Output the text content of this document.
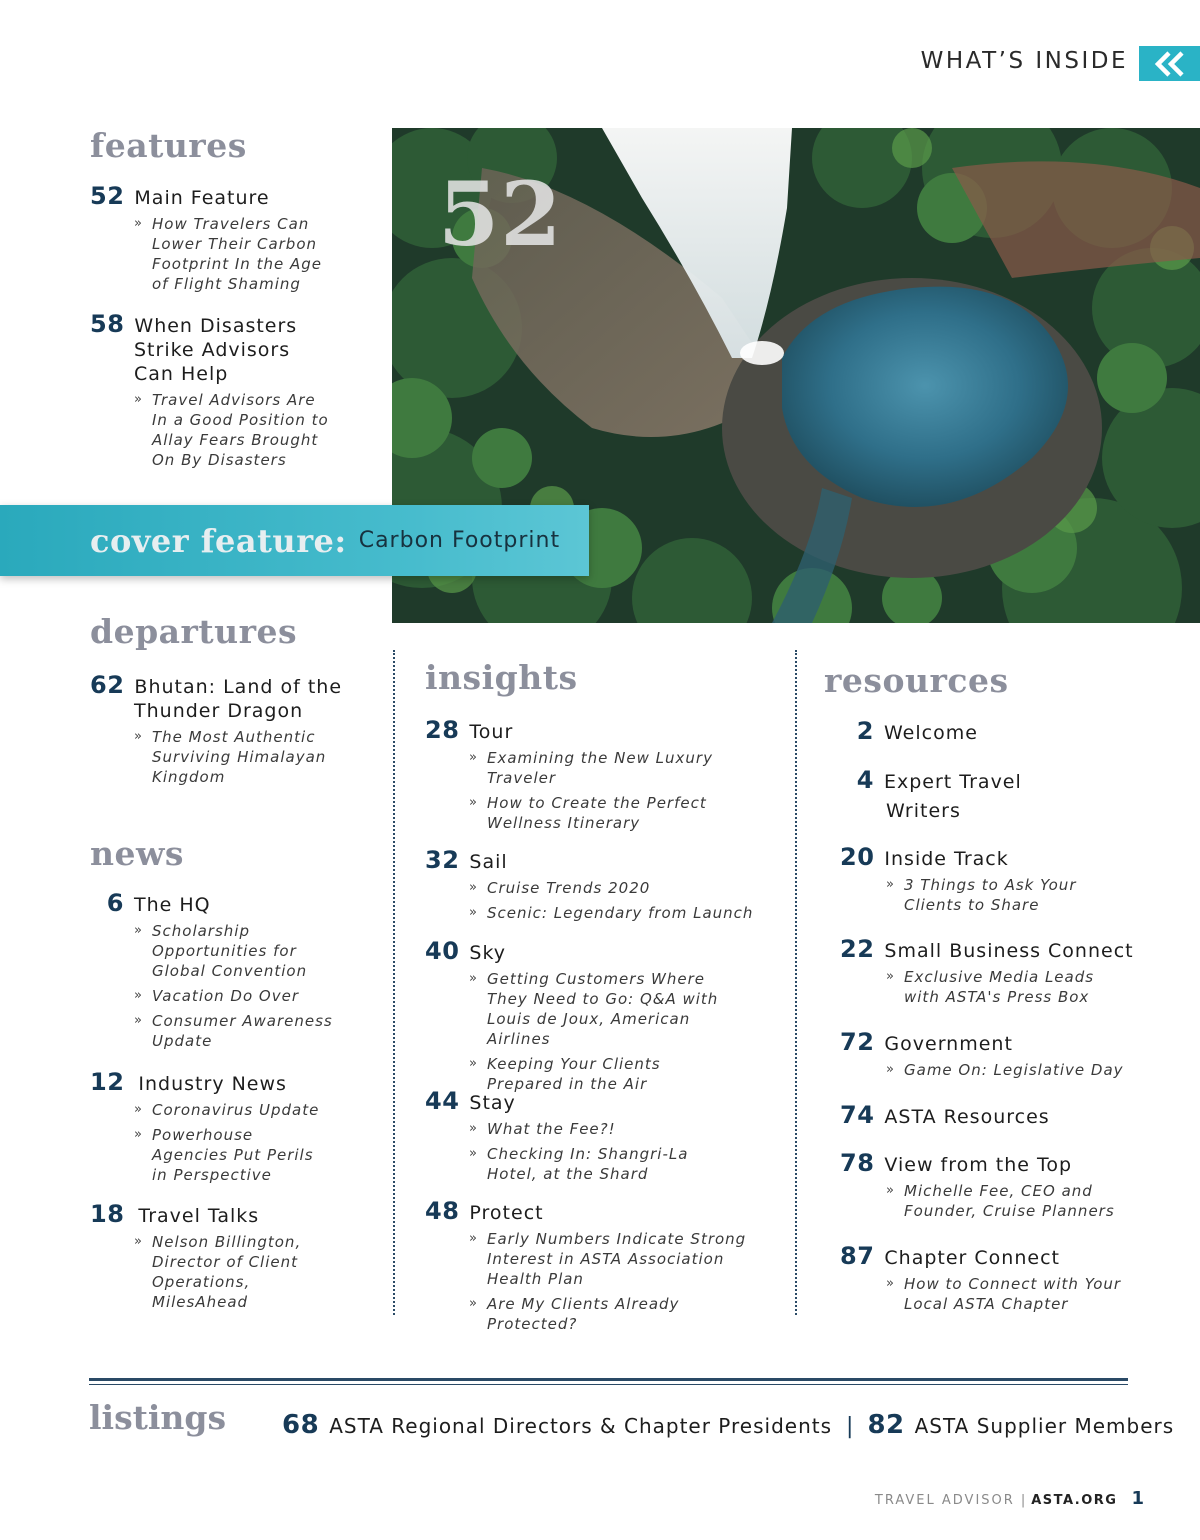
WHAT’S INSIDE
52
features
52 Main Feature
» How Travelers Can Lower Their Carbon Footprint In the Age of Flight Shaming
58 When Disasters
Strike Advisors
Can Help
» Travel Advisors Are In a Good Position to Allay Fears Brought On By Disasters
cover feature: Carbon Footprint
departures
62 Bhutan: Land of the
Thunder Dragon
» The Most Authentic Surviving Himalayan Kingdom
news
6 The HQ
» Scholarship Opportunities for Global Convention
» Vacation Do Over
» Consumer Awareness Update
12 Industry News
» Coronavirus Update
» Powerhouse Agencies Put Perils in Perspective
18 Travel Talks
» Nelson Billington, Director of Client Operations, MilesAhead
insights
28 Tour
» Examining the New Luxury Traveler
» How to Create the Perfect Wellness Itinerary
32 Sail
» Cruise Trends 2020
» Scenic: Legendary from Launch
40 Sky
» Getting Customers Where They Need to Go: Q&A with Louis de Joux, American Airlines
» Keeping Your Clients Prepared in the Air
44 Stay
» What the Fee?!
» Checking In: Shangri-La Hotel, at the Shard
48 Protect
» Early Numbers Indicate Strong Interest in ASTA Association Health Plan
» Are My Clients Already Protected?
resources
2 Welcome
4 Expert Travel
Writers
20 Inside Track
» 3 Things to Ask Your Clients to Share
22 Small Business Connect
» Exclusive Media Leads with ASTA's Press Box
72 Government
» Game On: Legislative Day
74 ASTA Resources
78 View from the Top
» Michelle Fee, CEO and Founder, Cruise Planners
87 Chapter Connect
» How to Connect with Your Local ASTA Chapter
listings 68 ASTA Regional Directors & Chapter Presidents | 82 ASTA Supplier Members
TRAVEL ADVISOR | ASTA.ORG 1
